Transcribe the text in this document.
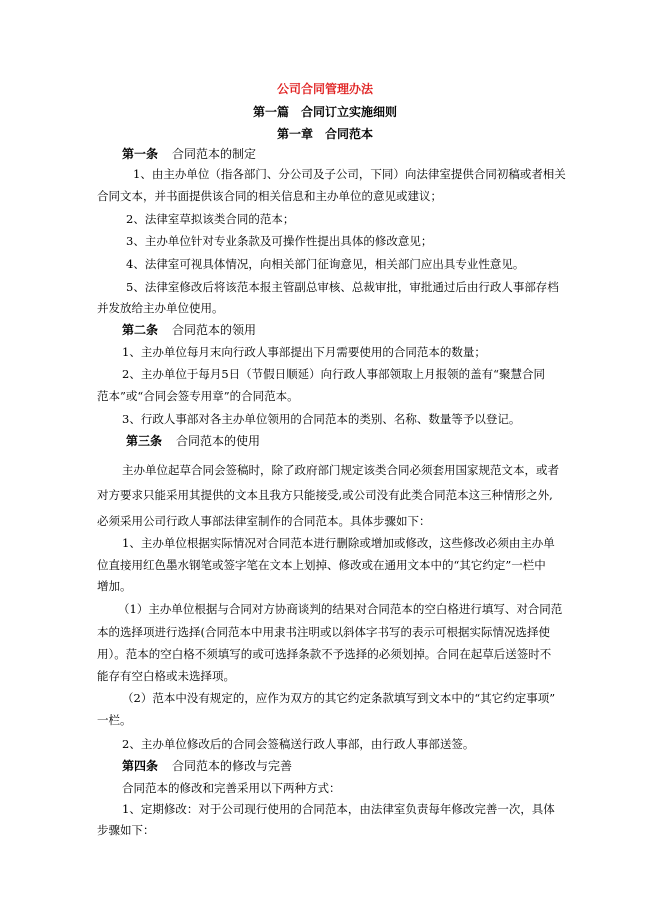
公司合同管理办法
第一篇　合同订立实施细则
第一章　合同范本
第一条 合同范本的制定
1、由主办单位（指各部门、分公司及子公司，下同）向法律室提供合同初稿或者相关
合同文本，并书面提供该合同的相关信息和主办单位的意见或建议；
2、法律室草拟该类合同的范本；
3、主办单位针对专业条款及可操作性提出具体的修改意见；
4、法律室可视具体情况，向相关部门征询意见，相关部门应出具专业性意见。
5、法律室修改后将该范本报主管副总审核、总裁审批，审批通过后由行政人事部存档
并发放给主办单位使用。
第二条 合同范本的领用
1、主办单位每月末向行政人事部提出下月需要使用的合同范本的数量；
2、主办单位于每月5日（节假日顺延）向行政人事部领取上月报领的盖有“聚慧合同
范本”或“合同会签专用章”的合同范本。
3、行政人事部对各主办单位领用的合同范本的类别、名称、数量等予以登记。
第三条 合同范本的使用
主办单位起草合同会签稿时，除了政府部门规定该类合同必须套用国家规范文本，或者
对方要求只能采用其提供的文本且我方只能接受,或公司没有此类合同范本这三种情形之外,
必须采用公司行政人事部法律室制作的合同范本。具体步骤如下：
1、主办单位根据实际情况对合同范本进行删除或增加或修改，这些修改必须由主办单
位直接用红色墨水钢笔或签字笔在文本上划掉、修改或在通用文本中的“其它约定”一栏中
增加。
（1）主办单位根据与合同对方协商谈判的结果对合同范本的空白格进行填写、对合同范
本的选择项进行选择(合同范本中用隶书注明或以斜体字书写的表示可根据实际情况选择使
用）。范本的空白格不须填写的或可选择条款不予选择的必须划掉。合同在起草后送签时不
能存有空白格或未选择项。
（2）范本中没有规定的，应作为双方的其它约定条款填写到文本中的“其它约定事项”
一栏。
2、主办单位修改后的合同会签稿送行政人事部，由行政人事部送签。
第四条 合同范本的修改与完善
合同范本的修改和完善采用以下两种方式：
1、定期修改：对于公司现行使用的合同范本，由法律室负责每年修改完善一次，具体
步骤如下：
